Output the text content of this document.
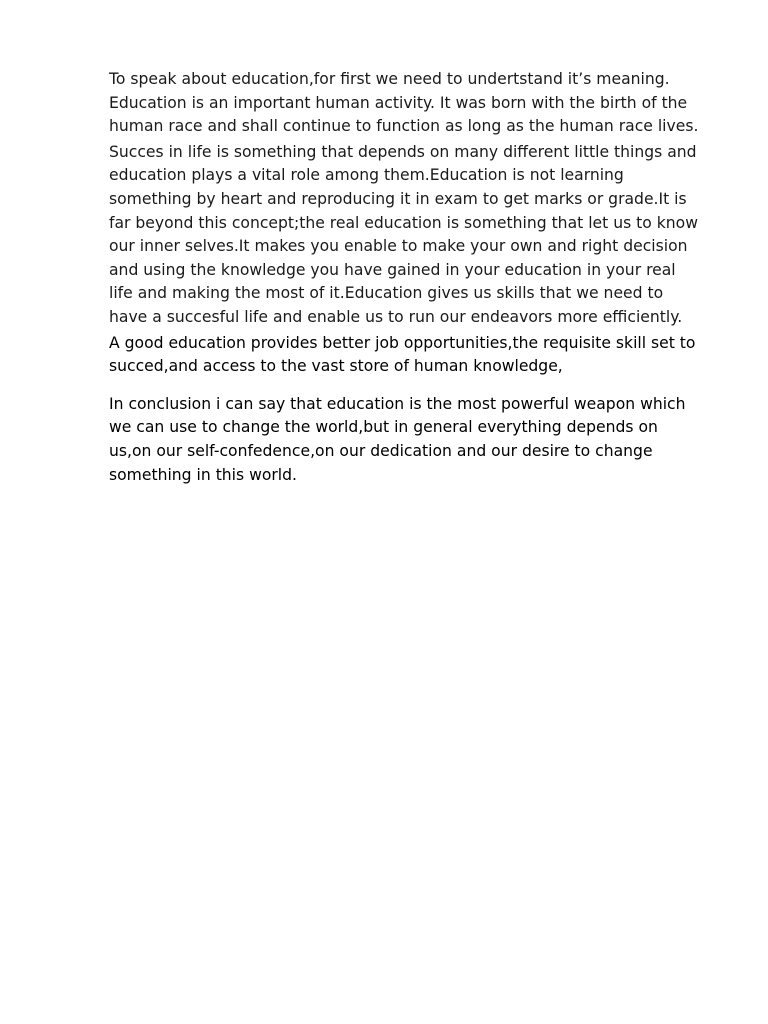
To speak about education,for first we need to undertstand it’s meaning.
Education is an important human activity. It was born with the birth of the
human race and shall continue to function as long as the human race lives.

Succes in life is something that depends on many different little things and
education plays a vital role among them.Education is not learning
something by heart and reproducing it in exam to get marks or grade.It is
far beyond this concept;the real education is something that let us to know
our inner selves.It makes you enable to make your own and right decision
and using the knowledge you have gained in your education in your real
life and making the most of it.Education gives us skills that we need to
have a succesful life and enable us to run our endeavors more efficiently.

A good education provides better job opportunities,the requisite skill set to
succed,and access to the vast store of human knowledge,

In conclusion i can say that education is the most powerful weapon which
we can use to change the world,but in general everything depends on
us,on our self-confedence,on our dedication and our desire to change
something in this world.
